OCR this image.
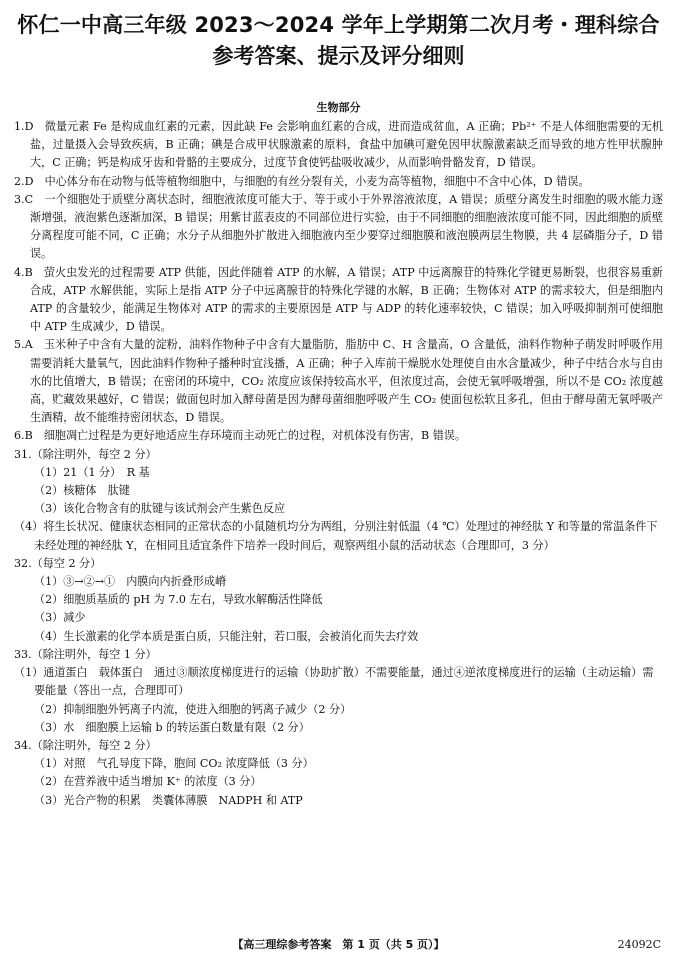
怀仁一中高三年级 2023～2024 学年上学期第二次月考・理科综合
参考答案、提示及评分细则
生物部分

1.D　微量元素 Fe 是构成血红素的元素，因此缺 Fe 会影响血红素的合成，进而造成贫血，A 正确；Pb²⁺ 不是人体细胞需要的无机盐，过量摄入会导致疾病，B 正确；碘是合成甲状腺激素的原料，食盐中加碘可避免因甲状腺激素缺乏而导致的地方性甲状腺肿大，C 正确；钙是构成牙齿和骨骼的主要成分，过度节食使钙盐吸收减少，从而影响骨骼发育，D 错误。

2.D　中心体分布在动物与低等植物细胞中，与细胞的有丝分裂有关，小麦为高等植物，细胞中不含中心体，D 错误。

3.C　一个细胞处于质壁分离状态时，细胞液浓度可能大于、等于或小于外界溶液浓度，A 错误；质壁分离发生时细胞的吸水能力逐渐增强，液泡紫色逐渐加深，B 错误；用紫甘蓝表皮的不同部位进行实验，由于不同细胞的细胞液浓度可能不同，因此细胞的质壁分离程度可能不同，C 正确；水分子从细胞外扩散进入细胞液内至少要穿过细胞膜和液泡膜两层生物膜，共 4 层磷脂分子，D 错误。

4.B　萤火虫发光的过程需要 ATP 供能，因此伴随着 ATP 的水解，A 错误；ATP 中远离腺苷的特殊化学键更易断裂，也很容易重新合成，ATP 水解供能，实际上是指 ATP 分子中远离腺苷的特殊化学键的水解，B 正确；生物体对 ATP 的需求较大，但是细胞内 ATP 的含量较少，能满足生物体对 ATP 的需求的主要原因是 ATP 与 ADP 的转化速率较快，C 错误；加入呼吸抑制剂可使细胞中 ATP 生成减少，D 错误。

5.A　玉米种子中含有大量的淀粉，油料作物种子中含有大量脂肪，脂肪中 C、H 含量高，O 含量低，油料作物种子萌发时呼吸作用需要消耗大量氧气，因此油料作物种子播种时宜浅播，A 正确；种子入库前干燥脱水处理使自由水含量减少，种子中结合水与自由水的比值增大，B 错误；在密闭的环境中，CO₂ 浓度应该保持较高水平，但浓度过高，会使无氧呼吸增强，所以不是 CO₂ 浓度越高，贮藏效果越好，C 错误；做面包时加入酵母菌是因为酵母菌细胞呼吸产生 CO₂ 使面包松软且多孔，但由于酵母菌无氧呼吸产生酒精，故不能维持密闭状态，D 错误。

6.B　细胞凋亡过程是为更好地适应生存环境而主动死亡的过程，对机体没有伤害，B 错误。

31.（除注明外，每空 2 分）

（1）21（1 分）　R 基

（2）核糖体　肽键

（3）该化合物含有的肽键与该试剂会产生紫色反应

（4）将生长状况、健康状态相同的正常状态的小鼠随机均分为两组，分别注射低温（4 ℃）处理过的神经肽 Y 和等量的常温条件下未经处理的神经肽 Y，在相同且适宜条件下培养一段时间后，观察两组小鼠的活动状态（合理即可，3 分）

32.（每空 2 分）

（1）③→②→①　内膜向内折叠形成嵴

（2）细胞质基质的 pH 为 7.0 左右，导致水解酶活性降低

（3）减少

（4）生长激素的化学本质是蛋白质，只能注射，若口服，会被消化而失去疗效

33.（除注明外，每空 1 分）

（1）通道蛋白　载体蛋白　通过③顺浓度梯度进行的运输（协助扩散）不需要能量，通过④逆浓度梯度进行的运输（主动运输）需要能量（答出一点，合理即可）

（2）抑制细胞外钙离子内流，使进入细胞的钙离子减少（2 分）

（3）水　细胞膜上运输 b 的转运蛋白数量有限（2 分）

34.（除注明外，每空 2 分）

（1）对照　气孔导度下降，胞间 CO₂ 浓度降低（3 分）

（2）在营养液中适当增加 K⁺ 的浓度（3 分）

（3）光合产物的积累　类囊体薄膜　NADPH 和 ATP

【高三理综参考答案　第 1 页（共 5 页）】	24092C
